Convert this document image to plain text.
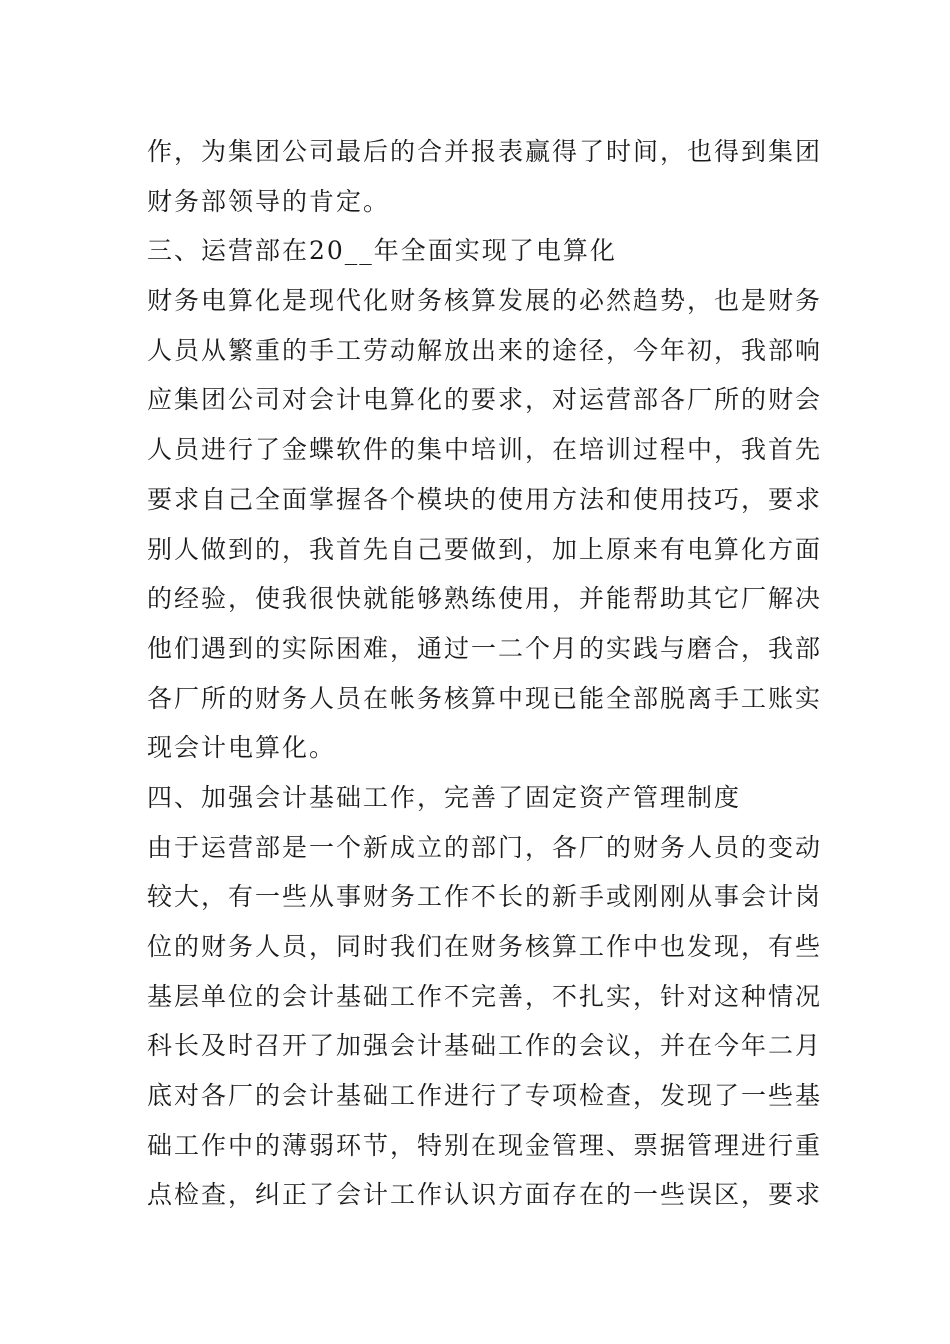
作，为集团公司最后的合并报表赢得了时间，也得到集团
财务部领导的肯定。
三、运营部在20__年全面实现了电算化
财务电算化是现代化财务核算发展的必然趋势，也是财务
人员从繁重的手工劳动解放出来的途径，今年初，我部响
应集团公司对会计电算化的要求，对运营部各厂所的财会
人员进行了金蝶软件的集中培训，在培训过程中，我首先
要求自己全面掌握各个模块的使用方法和使用技巧，要求
别人做到的，我首先自己要做到，加上原来有电算化方面
的经验，使我很快就能够熟练使用，并能帮助其它厂解决
他们遇到的实际困难，通过一二个月的实践与磨合，我部
各厂所的财务人员在帐务核算中现已能全部脱离手工账实
现会计电算化。
四、加强会计基础工作，完善了固定资产管理制度
由于运营部是一个新成立的部门，各厂的财务人员的变动
较大，有一些从事财务工作不长的新手或刚刚从事会计岗
位的财务人员，同时我们在财务核算工作中也发现，有些
基层单位的会计基础工作不完善，不扎实，针对这种情况
科长及时召开了加强会计基础工作的会议，并在今年二月
底对各厂的会计基础工作进行了专项检查，发现了一些基
础工作中的薄弱环节，特别在现金管理、票据管理进行重
点检查，纠正了会计工作认识方面存在的一些误区，要求
